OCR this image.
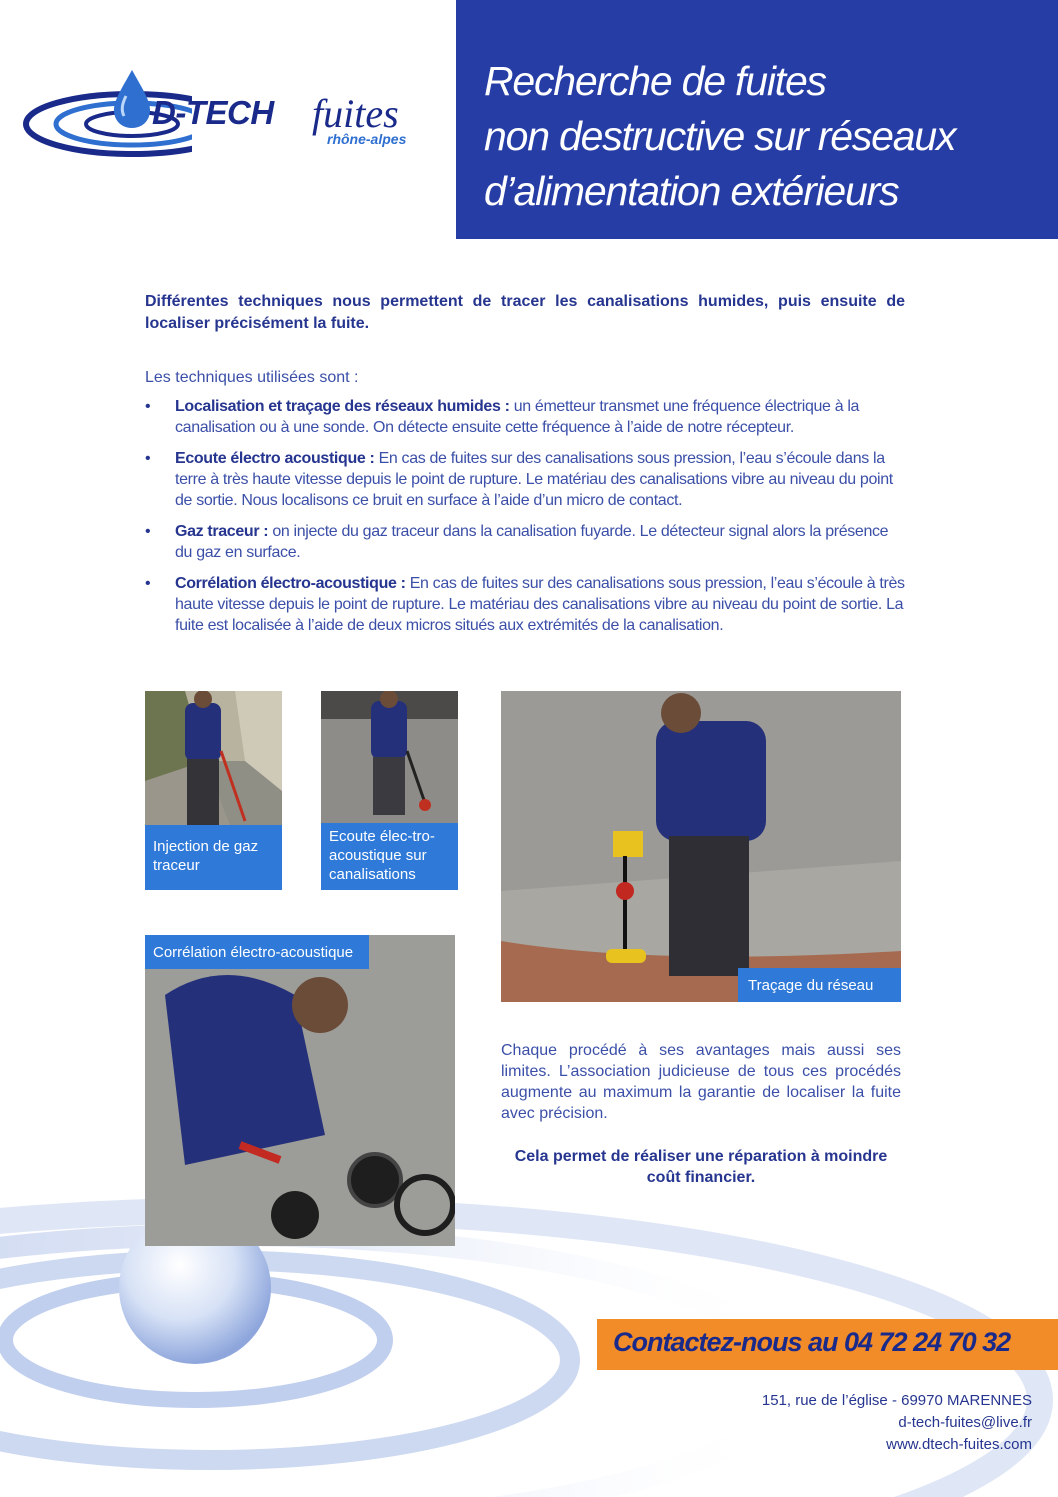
D-TECH fuites
rhône-alpes
Recherche de fuites
non destructive sur réseaux
d’alimentation extérieurs

Différentes techniques nous permettent de tracer les canalisations humides, puis ensuite de localiser précisément la fuite.

Les techniques utilisées sont :

• Localisation et traçage des réseaux humides : un émetteur transmet une fréquence électrique à la canalisation ou à une sonde. On détecte ensuite cette fréquence à l’aide de notre récepteur.
• Ecoute électro acoustique : En cas de fuites sur des canalisations sous pression, l’eau s’écoule dans la terre à très haute vitesse depuis le point de rupture. Le matériau des canalisations vibre au niveau du point de sortie. Nous localisons ce bruit en surface à l’aide d’un micro de contact.
• Gaz traceur : on injecte du gaz traceur dans la canalisation fuyarde. Le détecteur signal alors la présence du gaz en surface.
• Corrélation électro-acoustique : En cas de fuites sur des canalisations sous pression, l’eau s’écoule à très haute vitesse depuis le point de rupture. Le matériau des canalisations vibre au niveau du point de sortie. La fuite est localisée à l’aide de deux micros situés aux extrémités de la canalisation.
Injection de gaz traceur
Ecoute élec-tro-acoustique sur canalisations
Traçage du réseau
Corrélation électro-acoustique

Chaque procédé à ses avantages mais aussi ses limites. L’association judicieuse de tous ces procédés augmente au maximum la garantie de localiser la fuite avec précision.

Cela permet de réaliser une réparation à moindre coût financier.

Contactez-nous au 04 72 24 70 32
151, rue de l’église - 69970 MARENNES
d-tech-fuites@live.fr
www.dtech-fuites.com
